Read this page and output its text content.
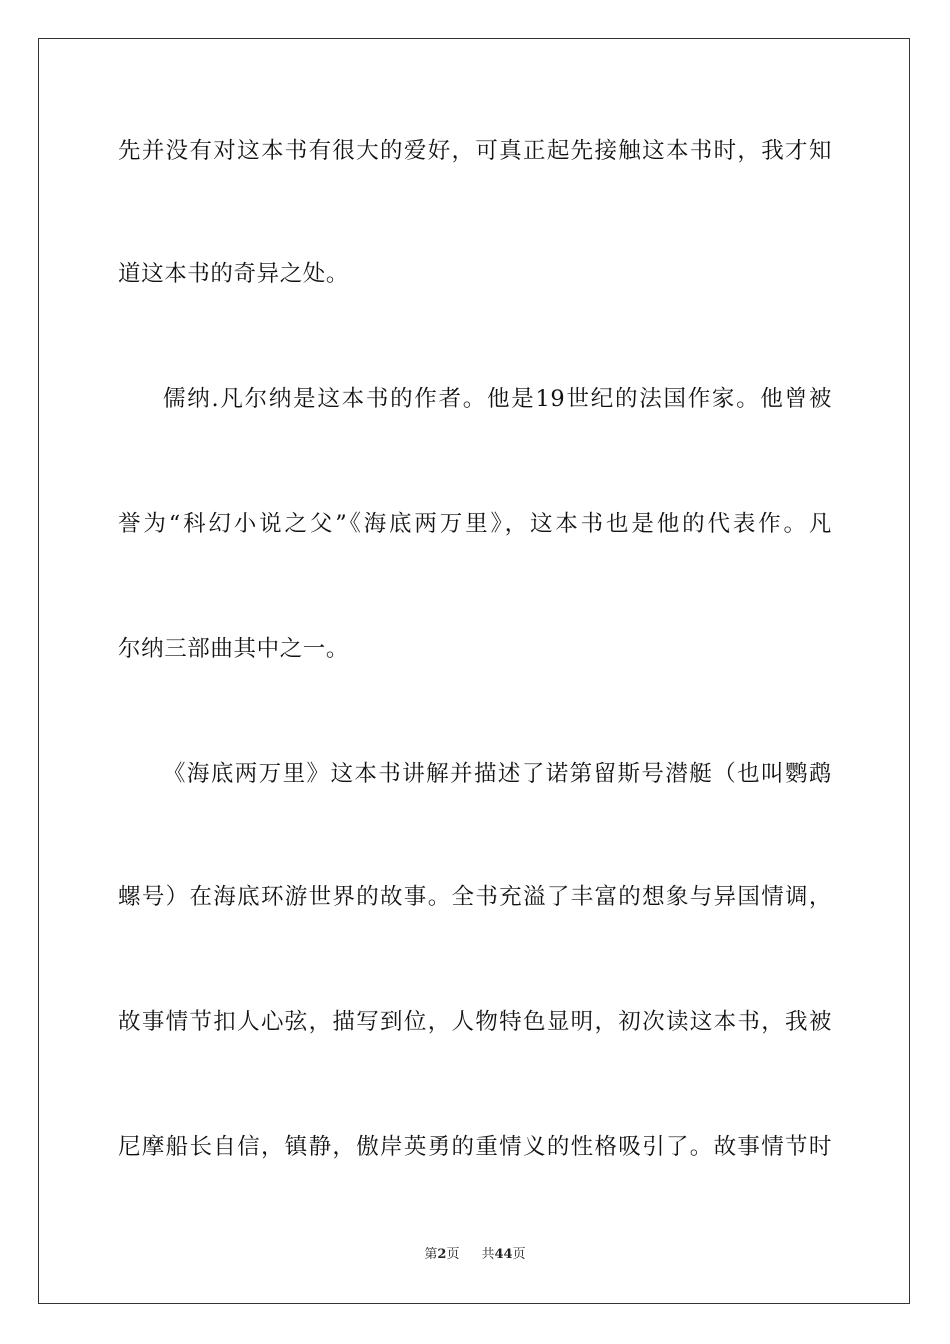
先并没有对这本书有很大的爱好，可真正起先接触这本书时，我才知
道这本书的奇异之处。
儒纳.凡尔纳是这本书的作者。他是19世纪的法国作家。他曾被
誉为“科幻小说之父”《海底两万里》，这本书也是他的代表作。凡
尔纳三部曲其中之一。
《海底两万里》这本书讲解并描述了诺第留斯号潜艇（也叫鹦鹉
螺号）在海底环游世界的故事。全书充溢了丰富的想象与异国情调，
故事情节扣人心弦，描写到位，人物特色显明，初次读这本书，我被
尼摩船长自信，镇静，傲岸英勇的重情义的性格吸引了。故事情节时
第2页 共44页
